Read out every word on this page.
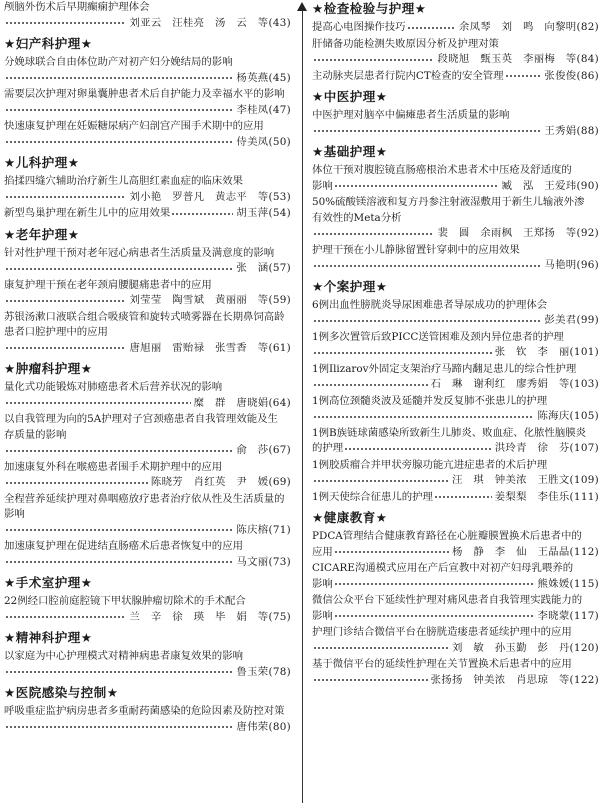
颅脑外伤术后早期癫痫护理体会
刘亚云　汪桂亮　汤　云　等(43)
★妇产科护理★
分娩球联合自由体位助产对初产妇分娩结局的影响
杨英燕(45)
需要层次护理对卵巢囊肿患者术后自护能力及幸福水平的影响
李桂凤(47)
快速康复护理在妊娠糖尿病产妇剖宫产围手术期中的应用
侍美凤(50)
★儿科护理★
掐揉四缝穴辅助治疗新生儿高胆红素血症的临床效果
刘小艳　罗普凡　黄志平　等(53)
新型鸟巢护理在新生儿中的应用效果	胡玉萍(54)
★老年护理★
针对性护理干预对老年冠心病患者生活质量及满意度的影响
张　涵(57)
康复护理干预在老年颈肩腰腿痛患者中的应用
刘莹莹　陶雪斌　黄丽丽　等(59)
苏银汤漱口液联合组合吸痰管和旋转式喷雾器在长期鼻饲高龄
患者口腔护理中的应用
唐旭丽　雷贻禄　张雪香　等(61)
★肿瘤科护理★
量化式功能锻炼对肺癌患者术后营养状况的影响
糜　群　唐晓娟(64)
以自我管理为向的5A护理对子宫颈癌患者自我管理效能及生
存质量的影响
俞　莎(67)
加速康复外科在喉癌患者围手术期护理中的应用
陈晓芳　肖红英　尹　媛(69)
全程营养延续护理对鼻咽癌放疗患者治疗依从性及生活质量的
影响
陈庆榕(71)
加速康复护理在促进结直肠癌术后患者恢复中的应用
马文丽(73)
★手术室护理★
22例经口腔前庭腔镜下甲状腺肿瘤切除术的手术配合
兰　辛　徐　瑛　毕　娟　等(75)
★精神科护理★
以家庭为中心护理模式对精神病患者康复效果的影响
鲁玉荣(78)
★医院感染与控制★
呼吸重症监护病房患者多重耐药菌感染的危险因素及防控对策
唐伟荣(80)
★检查检验与护理★
提高心电图操作技巧	余凤琴　刘　鸣　向黎明(82)
肝储备功能检测失败原因分析及护理对策
段晓旭　甄玉英　李丽梅　等(84)
主动脉夹层患者行院内CT检查的安全管理	张俊俊(86)
★中医护理★
中医护理对脑卒中偏瘫患者生活质量的影响
王秀娟(88)
★基础护理★
体位干预对腹腔镜直肠癌根治术患者术中压疮及舒适度的
影响	臧　泓　王爱玮(90)
50%硫酸镁溶液和复方丹参注射液湿敷用于新生儿输液外渗
有效性的Meta分析
裴　圆　余雨枫　王郑扬　等(92)
护理干预在小儿静脉留置针穿刺中的应用效果
马艳明(96)
★个案护理★
6例出血性膀胱炎导尿困难患者导尿成功的护理体会
彭美君(99)
1例多次置管后致PICC送管困难及颈内异位患者的护理
张　钦　李　丽(101)
1例Ilizarov外固定支架治疗马蹄内翻足患儿的综合性护理
石　琳　谢利红　廖秀娟　等(103)
1例高位颈髓炎波及延髓并发反复肺不张患儿的护理
陈海庆(105)
1例B族链球菌感染所致新生儿肺炎、败血症、化脓性脑膜炎
的护理	洪玲青　徐　芬(107)
1例胶质瘤合并甲状旁腺功能亢进症患者的术后护理
汪　琪　钟美浓　王胜文(109)
1例天使综合征患儿的护理	姜梨梨　李佳乐(111)
★健康教育★
PDCA管理结合健康教育路径在心脏瓣膜置换术后患者中的
应用	杨　静　李　仙　王晶晶(112)
CICARE沟通模式应用在产后宣教中对初产妇母乳喂养的
影响	熊姝媛(115)
微信公众平台下延续性护理对痛风患者自我管理实践能力的
影响	李晓蒙(117)
护理门诊结合微信平台在膀胱造瘘患者延续护理中的应用
刘　敏　孙玉勤　彭　丹(120)
基于微信平台的延续性护理在关节置换术后患者中的应用
张扬扬　钟美浓　肖思琼　等(122)
